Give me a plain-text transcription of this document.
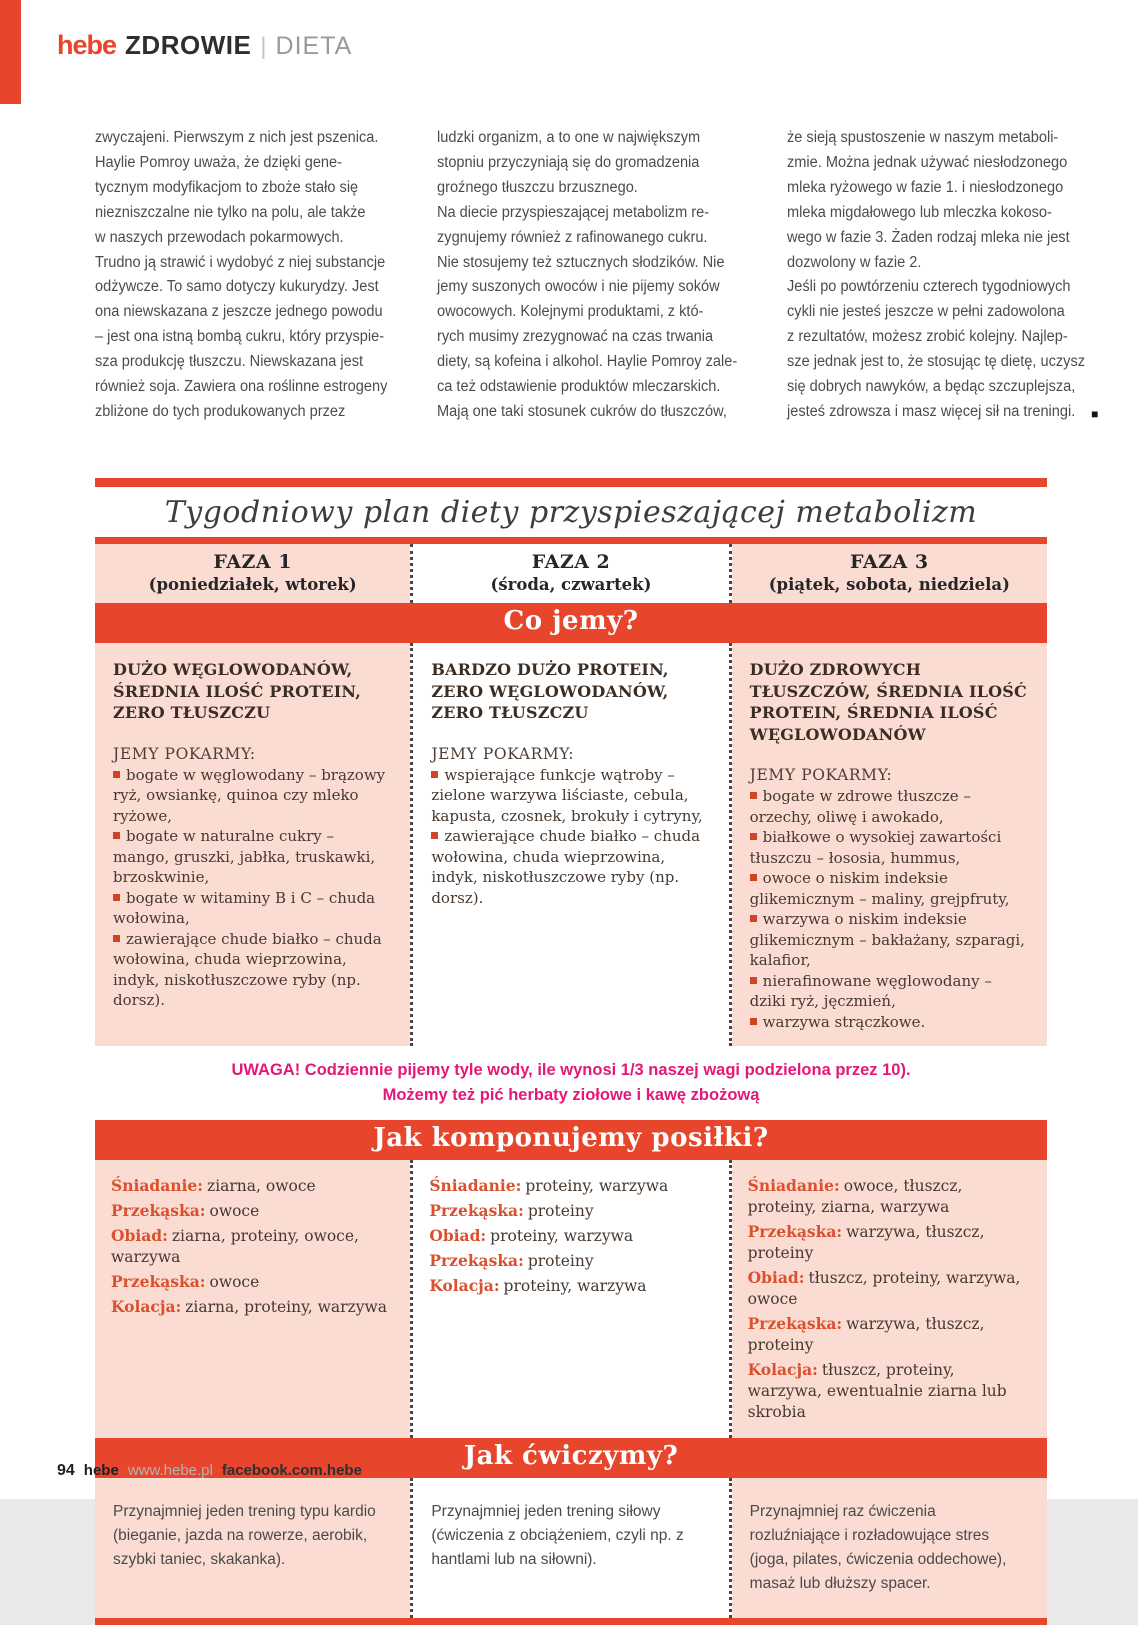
hebe ZDROWIE | DIETA
zwyczajeni. Pierwszym z nich jest pszenica.
Haylie Pomroy uważa, że dzięki gene-
tycznym modyfikacjom to zboże stało się
niezniszczalne nie tylko na polu, ale także
w naszych przewodach pokarmowych.
Trudno ją strawić i wydobyć z niej substancje
odżywcze. To samo dotyczy kukurydzy. Jest
ona niewskazana z jeszcze jednego powodu
– jest ona istną bombą cukru, który przyspie-
sza produkcję tłuszczu. Niewskazana jest
również soja. Zawiera ona roślinne estrogeny
zbliżone do tych produkowanych przez
ludzki organizm, a to one w największym
stopniu przyczyniają się do gromadzenia
groźnego tłuszczu brzusznego.
Na diecie przyspieszającej metabolizm re-
zygnujemy również z rafinowanego cukru.
Nie stosujemy też sztucznych słodzików. Nie
jemy suszonych owoców i nie pijemy soków
owocowych. Kolejnymi produktami, z któ-
rych musimy zrezygnować na czas trwania
diety, są kofeina i alkohol. Haylie Pomroy zale-
ca też odstawienie produktów mleczarskich.
Mają one taki stosunek cukrów do tłuszczów,	■
że sieją spustoszenie w naszym metaboli-
zmie. Można jednak używać niesłodzonego
mleka ryżowego w fazie 1. i niesłodzonego
mleka migdałowego lub mleczka kokoso-
wego w fazie 3. Żaden rodzaj mleka nie jest
dozwolony w fazie 2.
Jeśli po powtórzeniu czterech tygodniowych
cykli nie jesteś jeszcze w pełni zadowolona
z rezultatów, możesz zrobić kolejny. Najlep-
sze jednak jest to, że stosując tę dietę, uczysz
się dobrych nawyków, a będąc szczuplejsza,
jesteś zdrowsza i masz więcej sił na treningi.
Tygodniowy plan diety przyspieszającej metabolizm
FAZA 1
(poniedziałek, wtorek)
FAZA 2
(środa, czwartek)
FAZA 3
(piątek, sobota, niedziela)
Co jemy?

DUŻO WĘGLOWODANÓW, ŚREDNIA ILOŚĆ PROTEIN, ZERO TŁUSZCZU

JEMY POKARMY:

bogate w węglowodany – brązowy ryż, owsiankę, quinoa czy mleko ryżowe,

bogate w naturalne cukry – mango, gruszki, jabłka, truskawki, brzoskwinie,

bogate w witaminy B i C – chuda wołowina,

zawierające chude białko – chuda wołowina, chuda wieprzowina, indyk, niskotłuszczowe ryby (np. dorsz).

BARDZO DUŻO PROTEIN, ZERO WĘGLOWODANÓW, ZERO TŁUSZCZU

JEMY POKARMY:

wspierające funkcje wątroby – zielone warzywa liściaste, cebula, kapusta, czosnek, brokuły i cytryny,

zawierające chude białko – chuda wołowina, chuda wieprzowina, indyk, niskotłuszczowe ryby (np. dorsz).

DUŻO ZDROWYCH TŁUSZCZÓW, ŚREDNIA ILOŚĆ PROTEIN, ŚREDNIA ILOŚĆ WĘGLOWODANÓW

JEMY POKARMY:

bogate w zdrowe tłuszcze – orzechy, oliwę i awokado,

białkowe o wysokiej zawartości tłuszczu – łososia, hummus,

owoce o niskim indeksie glikemicznym – maliny, grejpfruty,

warzywa o niskim indeksie glikemicznym – bakłażany, szparagi, kalafior,

nierafinowane węglowodany – dziki ryż, jęczmień,

warzywa strączkowe.

UWAGA! Codziennie pijemy tyle wody, ile wynosi 1/3 naszej wagi podzielona przez 10).
Możemy też pić herbaty ziołowe i kawę zbożową
Jak komponujemy posiłki?

Śniadanie: ziarna, owoce

Przekąska: owoce

Obiad: ziarna, proteiny, owoce, warzywa

Przekąska: owoce

Kolacja: ziarna, proteiny, warzywa

Śniadanie: proteiny, warzywa

Przekąska: proteiny

Obiad: proteiny, warzywa

Przekąska: proteiny

Kolacja: proteiny, warzywa

Śniadanie: owoce, tłuszcz, proteiny, ziarna, warzywa

Przekąska: warzywa, tłuszcz, proteiny

Obiad: tłuszcz, proteiny, warzywa, owoce

Przekąska: warzywa, tłuszcz, proteiny

Kolacja: tłuszcz, proteiny, warzywa, ewentualnie ziarna lub skrobia

Jak ćwiczymy?

Przynajmniej jeden trening typu kardio (bieganie, jazda na rowerze, aerobik, szybki taniec, skakanka).

Przynajmniej jeden trening siłowy (ćwiczenia z obciążeniem, czyli np. z hantlami lub na siłowni).

Przynajmniej raz ćwiczenia rozluźniające i rozładowujące stres (joga, pilates, ćwiczenia oddechowe), masaż lub dłuższy spacer.

94 hebe www.hebe.pl facebook.com.hebe
